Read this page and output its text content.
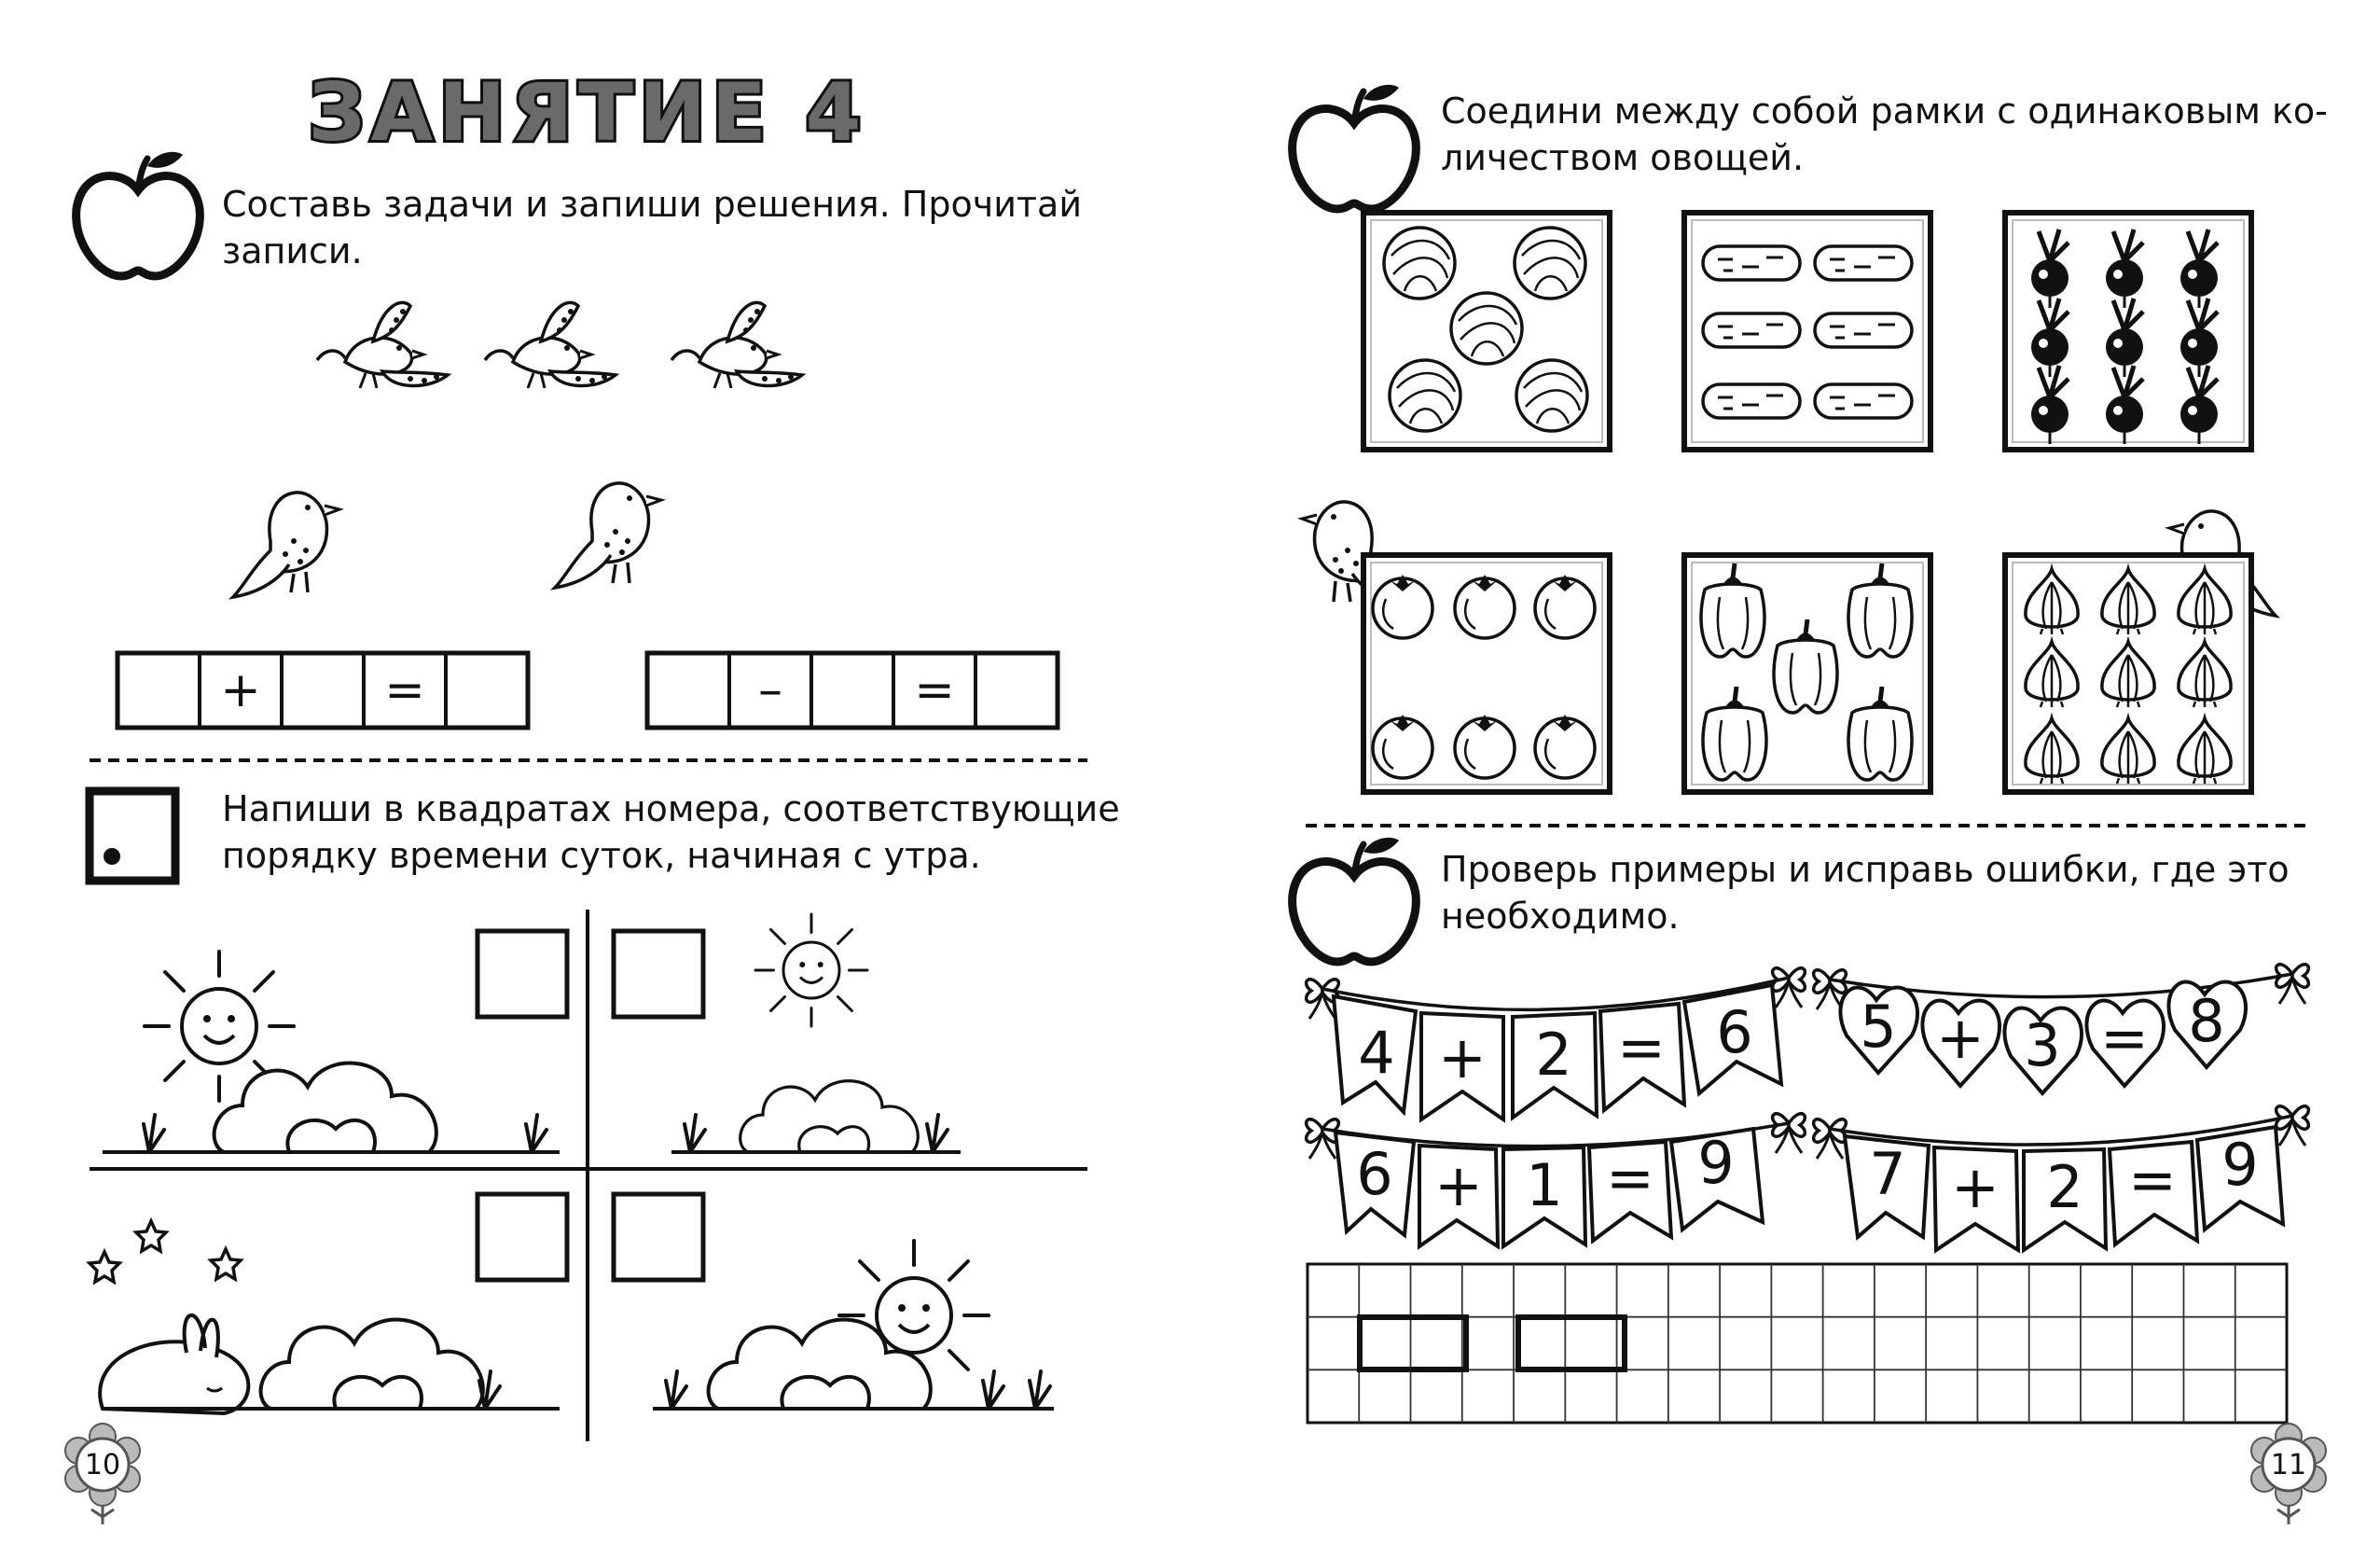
ЗАНЯТИЕ 4
Составь задачи и запиши решения. Прочитай
записи.
+	=	–	=
Напиши в квадратах номера, соответствующие
порядку времени суток, начиная с утра.
10
Соедини между собой рамки с одинаковым ко-
личеством овощей.
Проверь примеры и исправь ошибки, где это
необходимо.
4 + 2 = 6 5 + 3 = 8
6 + 1 = 9 7 + 2 = 9
11
